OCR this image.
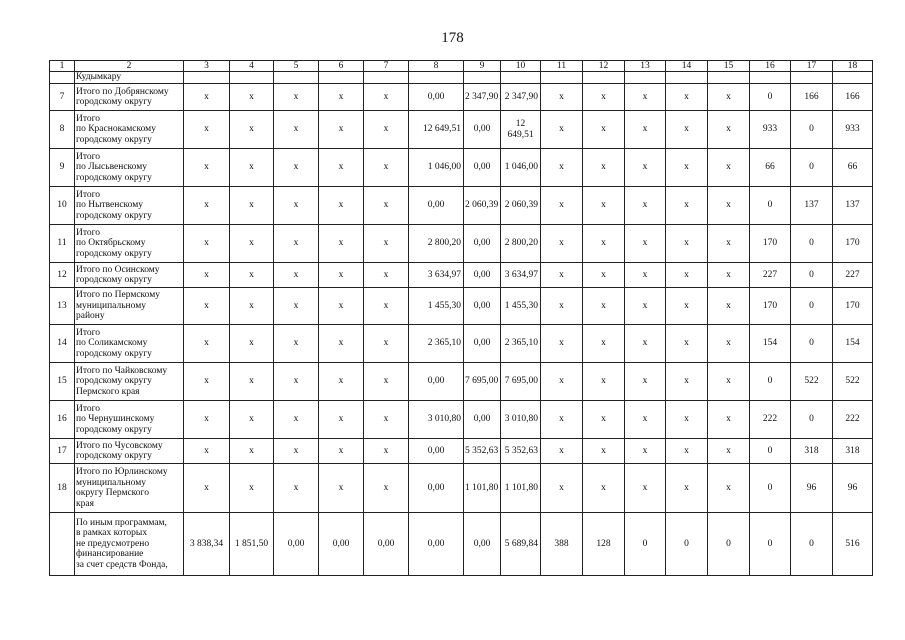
178
1	2	3	4	5	6	7	8	9	10	11	12	13	14	15	16	17	18

	Кудымкару																

7	Итого по Добрянскому
городскому округу	x	x	x	x	x	0,00	2 347,90	2 347,90	x	x	x	x	x	0	166	166
8	Итого
по Краснокамскому
городскому округу	x	x	x	x	x	12 649,51	0,00	12 649,51	x	x	x	x	x	933	0	933
9	Итого
по Лысьвенскому
городскому округу	x	x	x	x	x	1 046,00	0,00	1 046,00	x	x	x	x	x	66	0	66
10	Итого
по Нытвенскому
городскому округу	x	x	x	x	x	0,00	2 060,39	2 060,39	x	x	x	x	x	0	137	137
11	Итого
по Октябрьскому
городскому округу	x	x	x	x	x	2 800,20	0,00	2 800,20	x	x	x	x	x	170	0	170
12	Итого по Осинскому
городскому округу	x	x	x	x	x	3 634,97	0,00	3 634,97	x	x	x	x	x	227	0	227
13	Итого по Пермскому
муниципальному
району	x	x	x	x	x	1 455,30	0,00	1 455,30	x	x	x	x	x	170	0	170
14	Итого
по Соликамскому
городскому округу	x	x	x	x	x	2 365,10	0,00	2 365,10	x	x	x	x	x	154	0	154
15	Итого по Чайковскому
городскому округу
Пермского края	x	x	x	x	x	0,00	7 695,00	7 695,00	x	x	x	x	x	0	522	522
16	Итого
по Чернушинскому
городскому округу	x	x	x	x	x	3 010,80	0,00	3 010,80	x	x	x	x	x	222	0	222
17	Итого по Чусовскому
городскому округу	x	x	x	x	x	0,00	5 352,63	5 352,63	x	x	x	x	x	0	318	318
18	Итого по Юрлинскому
муниципальному
округу Пермского
края	x	x	x	x	x	0,00	1 101,80	1 101,80	x	x	x	x	x	0	96	96

	По иным программам,
в рамках которых
не предусмотрено
финансирование
за счет средств Фонда,	3 838,34	1 851,50	0,00	0,00	0,00	0,00	0,00	5 689,84	388	128	0	0	0	0	0	516
